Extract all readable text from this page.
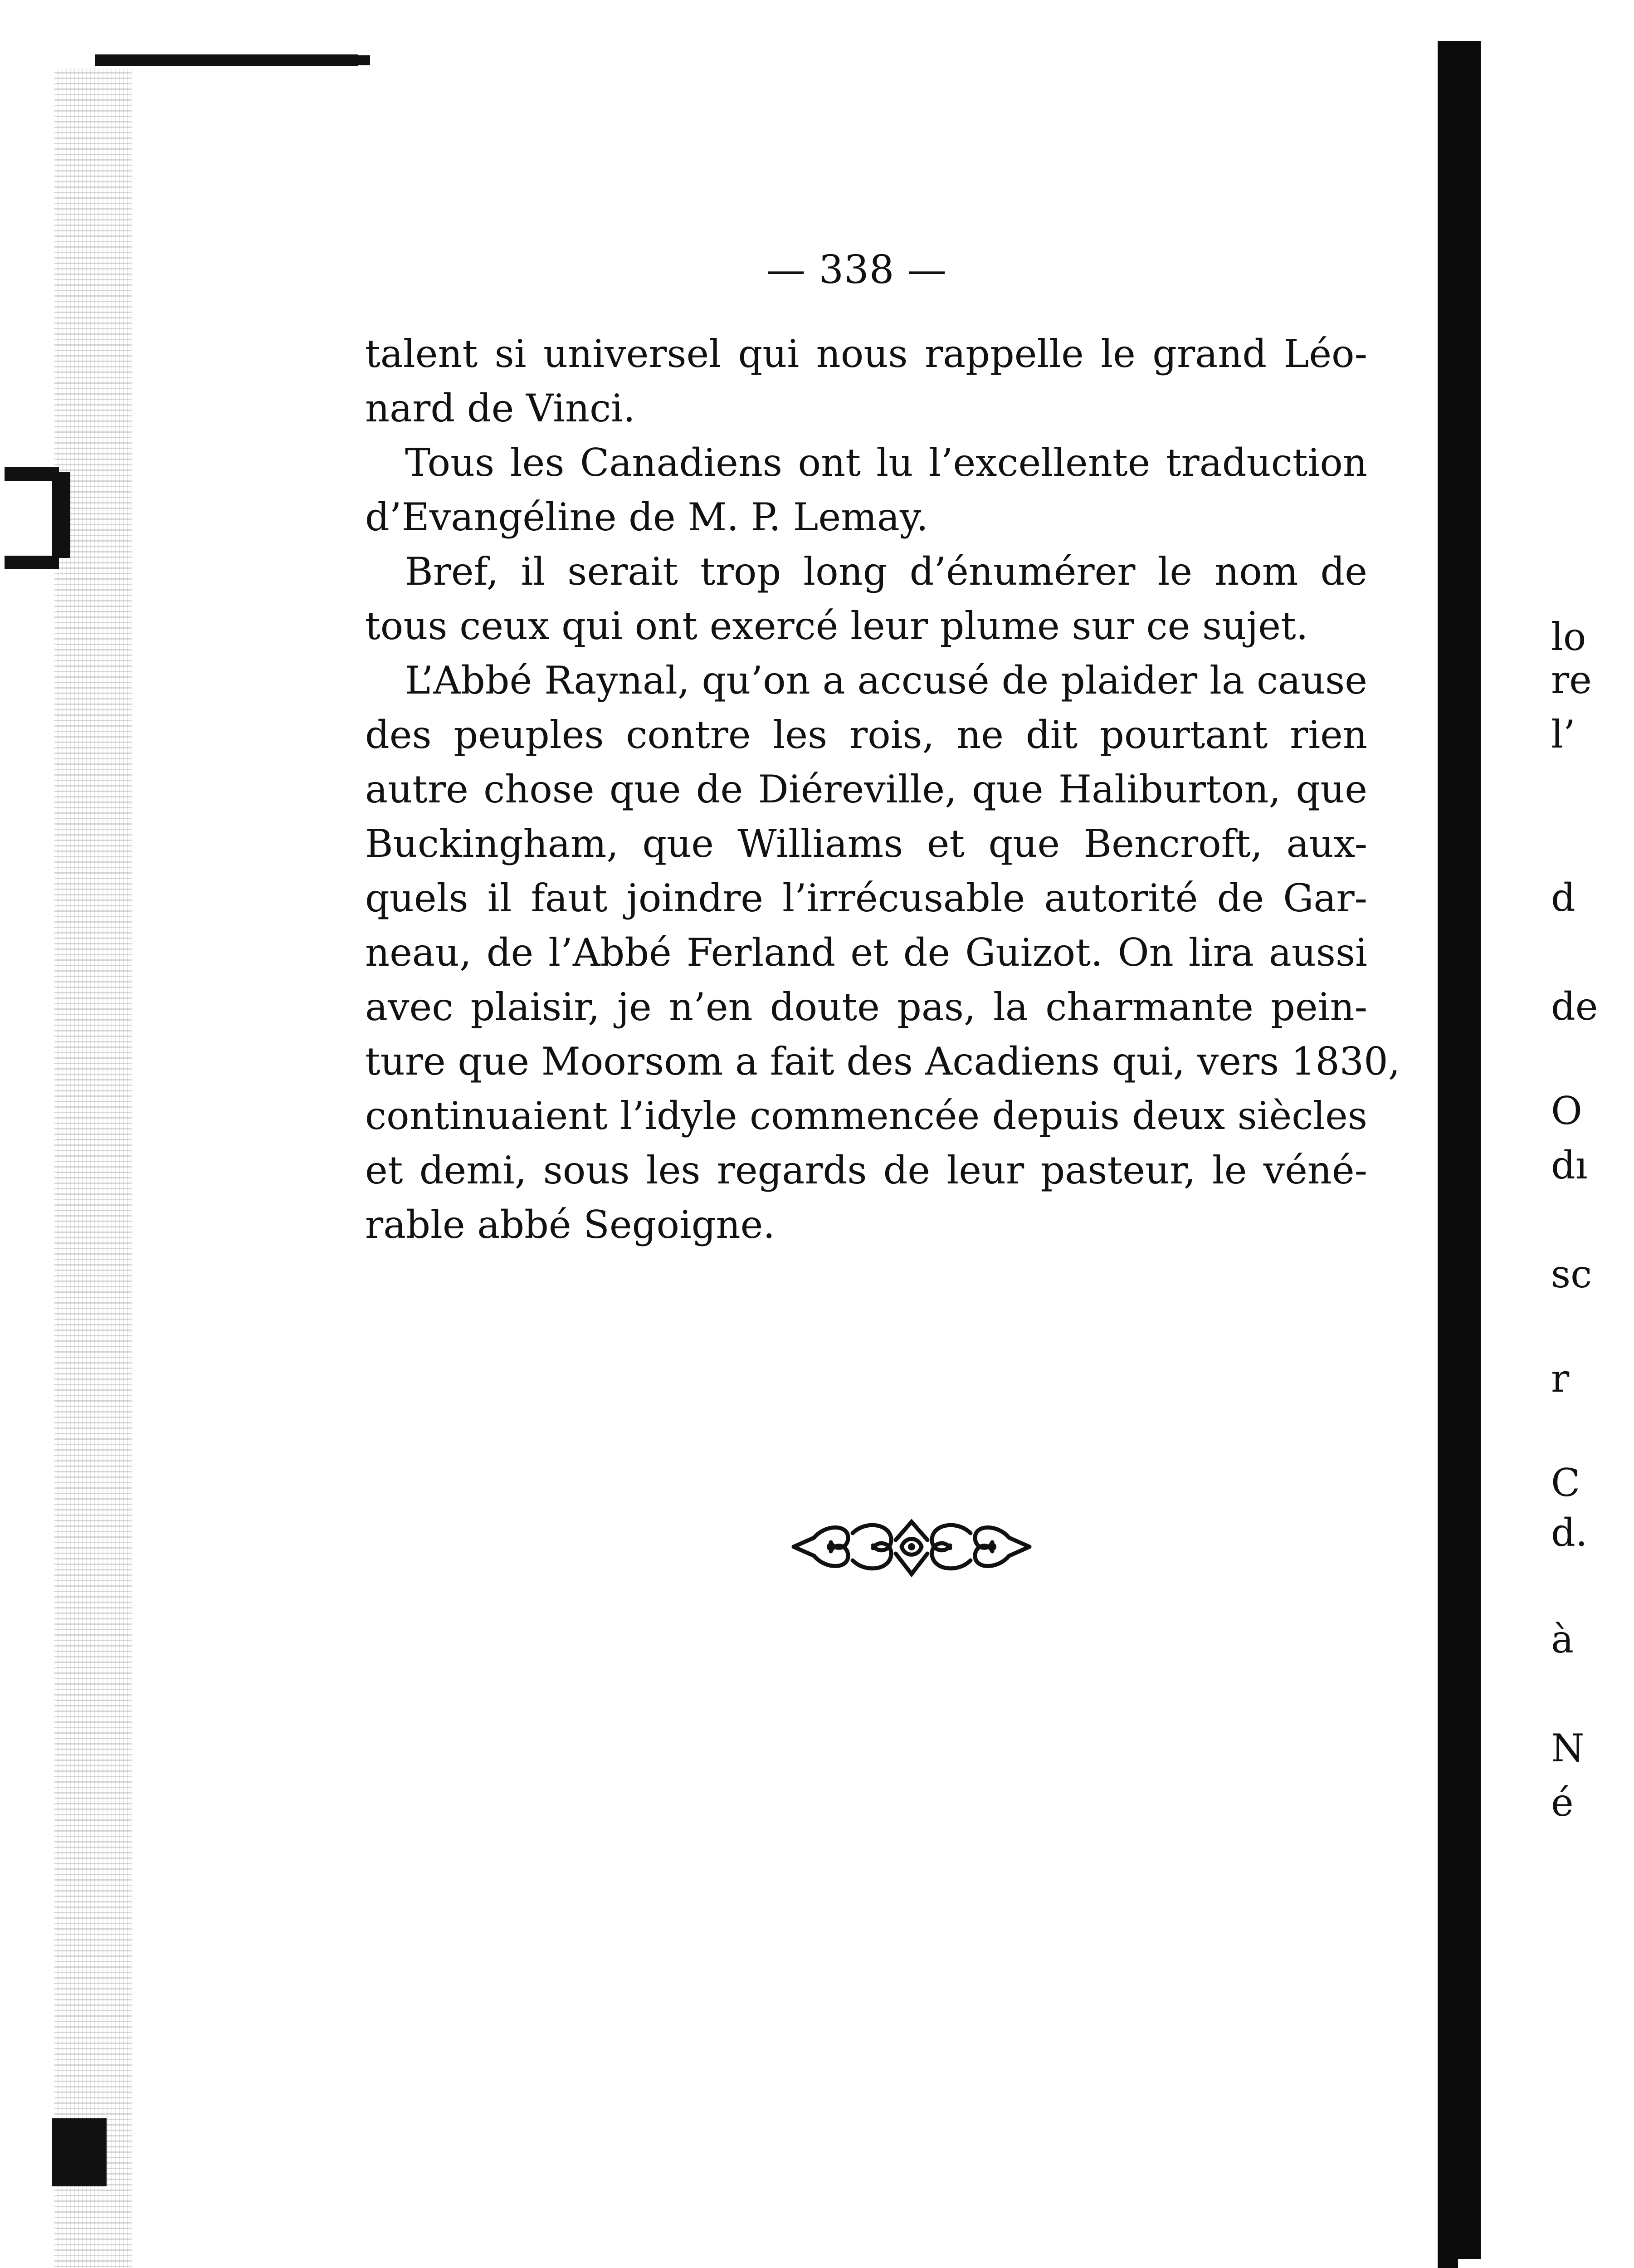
— 338 —
talent si universel qui nous rappelle le grand Léo-
nard de Vinci.
Tous les Canadiens ont lu l’excellente traduction
d’Evangéline de M. P. Lemay.
Bref, il serait trop long d’énumérer le nom de
tous ceux qui ont exercé leur plume sur ce sujet.
L’Abbé Raynal, qu’on a accusé de plaider la cause
des peuples contre les rois, ne dit pourtant rien
autre chose que de Diéreville, que Haliburton, que
Buckingham, que Williams et que Bencroft, aux-
quels il faut joindre l’irrécusable autorité de Gar-
neau, de l’Abbé Ferland et de Guizot. On lira aussi
avec plaisir, je n’en doute pas, la charmante pein-
ture que Moorsom a fait des Acadiens qui, vers 1830,
continuaient l’idyle commencée depuis deux siècles
et demi, sous les regards de leur pasteur, le véné-
rable abbé Segoigne.
lo
re
l’
d
de
O
dı
sc
r
C
d.
à
N
é
